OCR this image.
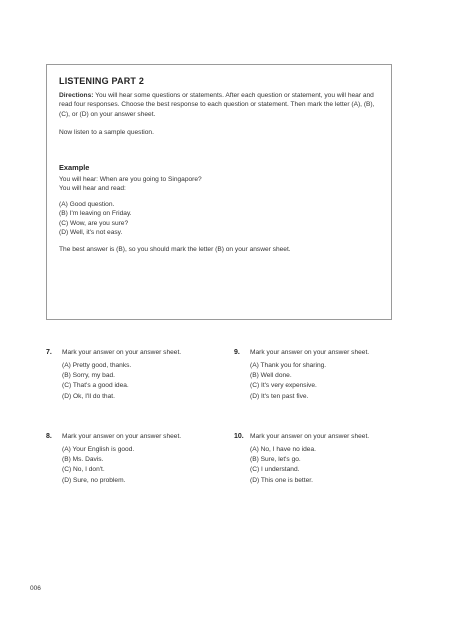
LISTENING PART 2

Directions: You will hear some questions or statements. After each question or statement, you will hear and read four responses. Choose the best response to each question or statement. Then mark the letter (A), (B), (C), or (D) on your answer sheet.

Now listen to a sample question.

Example

You will hear: When are you going to Singapore?

You will hear and read:

(A) Good question.
(B) I'm leaving on Friday.
(C) Wow, are you sure?
(D) Well, it's not easy.

The best answer is (B), so you should mark the letter (B) on your answer sheet.

7. Mark your answer on your answer sheet.
(A) Pretty good, thanks.
(B) Sorry, my bad.
(C) That's a good idea.
(D) Ok, I'll do that.
9. Mark your answer on your answer sheet.
(A) Thank you for sharing.
(B) Well done.
(C) It's very expensive.
(D) It's ten past five.
8. Mark your answer on your answer sheet.
(A) Your English is good.
(B) Ms. Davis.
(C) No, I don't.
(D) Sure, no problem.
10. Mark your answer on your answer sheet.
(A) No, I have no idea.
(B) Sure, let's go.
(C) I understand.
(D) This one is better.
006
